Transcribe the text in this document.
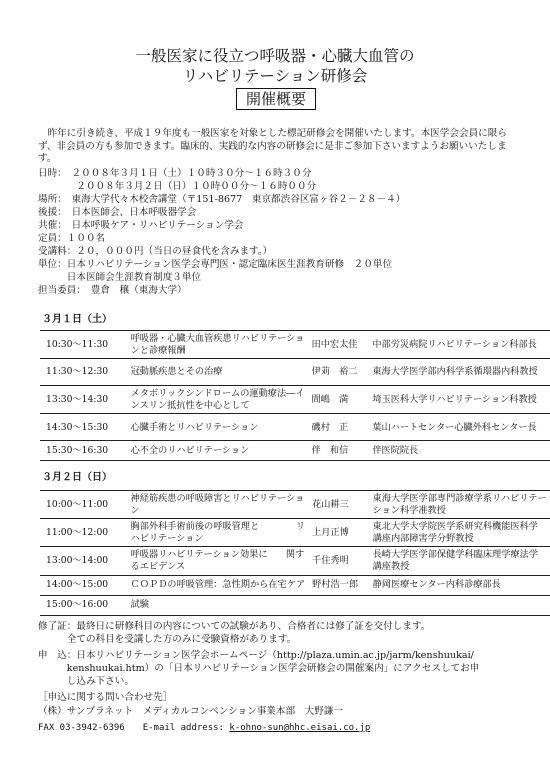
一般医家に役立つ呼吸器・心臓大血管の
リハビリテーション研修会
開催概要
　昨年に引き続き、平成１９年度も一般医家を対象とした標記研修会を開催いたします。本医学会会員に限らず、非会員の方も参加できます。臨床的、実践的な内容の研修会に是非ご参加下さいますようお願いいたします。
日時：　２００８年３月１日（土）１０時３０分〜１６時３０分
　　　　２００８年３月２日（日）１０時００分〜１６時００分
場所：　東海大学代々木校舎講堂（〒151-8677　東京都渋谷区富ヶ谷２－２８－４）
後援：　日本医師会、日本呼吸器学会
共催：　日本呼吸ケア・リハビリテーション学会
定員：１００名
受講料：２０，０００円（当日の昼食代を含みます。）
単位：日本リハビリテーション医学会専門医・認定臨床医生涯教育研修　２０単位
　　　日本医師会生涯教育制度３単位
担当委員：　豊倉　穣（東海大学）
３月１日（土）
10:30〜11:30	呼吸器・心臓大血管疾患リハビリテーションと診療報酬	田中宏太佳	中部労災病院リハビリテーション科部長
11:30〜12:30	冠動脈疾患とその治療	伊苅　裕二	東海大学医学部内科学系循環器内科教授
13:30〜14:30	メタボリックシンドロームの運動療法―インスリン抵抗性を中心として	間嶋　満	埼玉医科大学リハビリテーション科教授
14:30〜15:30	心臓手術とリハビリテーション	磯村　正	葉山ハートセンター心臓外科センター長
15:30〜16:30	心不全のリハビリテーション	伴　和信	伴医院院長
３月２日（日）
10:00〜11:00	神経筋疾患の呼吸障害とリハビリテーション	花山耕三	東海大学医学部専門診療学系リハビリテーション科学准教授
11:00〜12:00	胸部外科手術前後の呼吸管理と　　　　リハビリテーション	上月正博	東北大学大学院医学系研究科機能医科学講座内部障害学分野教授
13:00〜14:00	呼吸器リハビリテーション効果に　　関するエビデンス	千住秀明	長崎大学医学部保健学科臨床理学療法学講座教授
14:00〜15:00	ＣＯＰＤの呼吸管理：急性期から在宅ケア	野村浩一郎	静岡医療センター内科診療部長
15:00〜16:00	試験		
修了証：最終日に研修科目の内容についての試験があり、合格者には修了証を交付します。
　　　全ての科目を受講した方のみに受験資格があります。
申　込：日本リハビリテーション医学会ホームページ（http://plaza.umin.ac.jp/jarm/kenshuukai/
　　　kenshuukai.htm）の「日本リハビリテーション医学会研修会の開催案内」にアクセスしてお申
　　　し込み下さい。
［申込に関する問い合わせ先］
（株）サンプラネット　メディカルコンベンション事業本部　大野謙一
FAX 03-3942-6396　　E-mail address: k-ohno-sun@hhc.eisai.co.jp
